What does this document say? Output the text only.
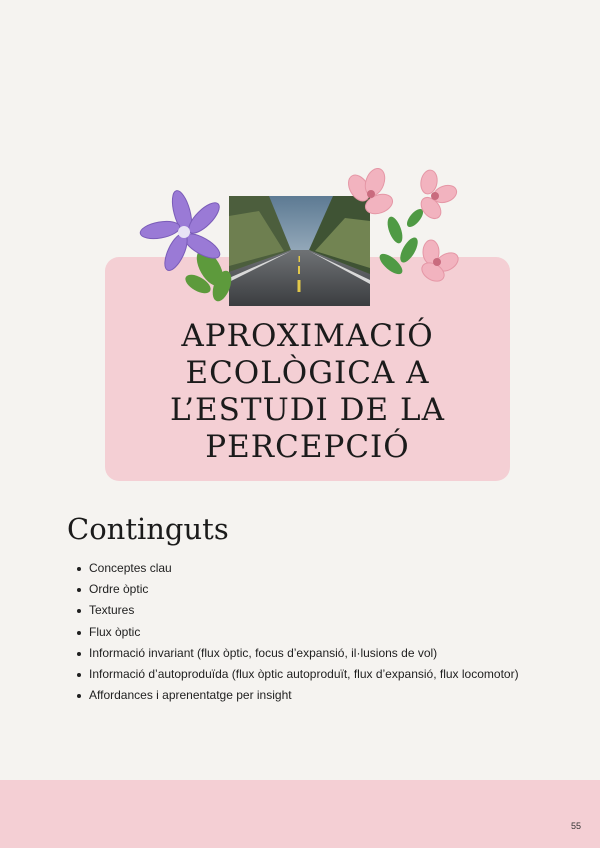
APROXIMACIÓ
ECOLÒGICA A
L’ESTUDI DE LA
PERCEPCIÓ
Continguts
Conceptes clau
Ordre òptic
Textures
Flux òptic
Informació invariant (flux òptic, focus d’expansió, il·lusions de vol)
Informació d’autoproduïda (flux òptic autoproduït, flux d’expansió, flux locomotor)
Affordances i aprenentatge per insight
55
